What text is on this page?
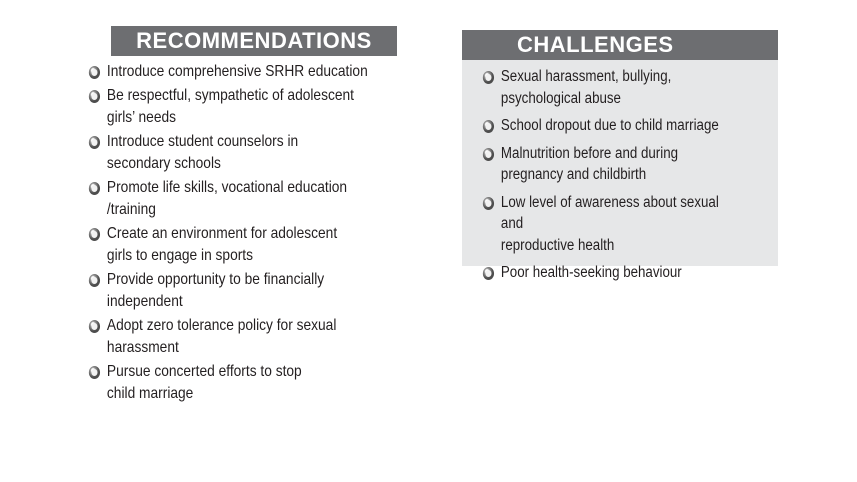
RECOMMENDATIONS
Introduce comprehensive SRHR education
Be respectful, sympathetic of adolescent
girls’ needs
Introduce student counselors in
secondary schools
Promote life skills, vocational education
/training
Create an environment for adolescent
girls to engage in sports
Provide opportunity to be financially
independent
Adopt zero tolerance policy for sexual
harassment
Pursue concerted efforts to stop
child marriage
CHALLENGES
Sexual harassment, bullying,
psychological abuse
School dropout due to child marriage
Malnutrition before and during
pregnancy and childbirth
Low level of awareness about sexual and
reproductive health
Poor health-seeking behaviour
